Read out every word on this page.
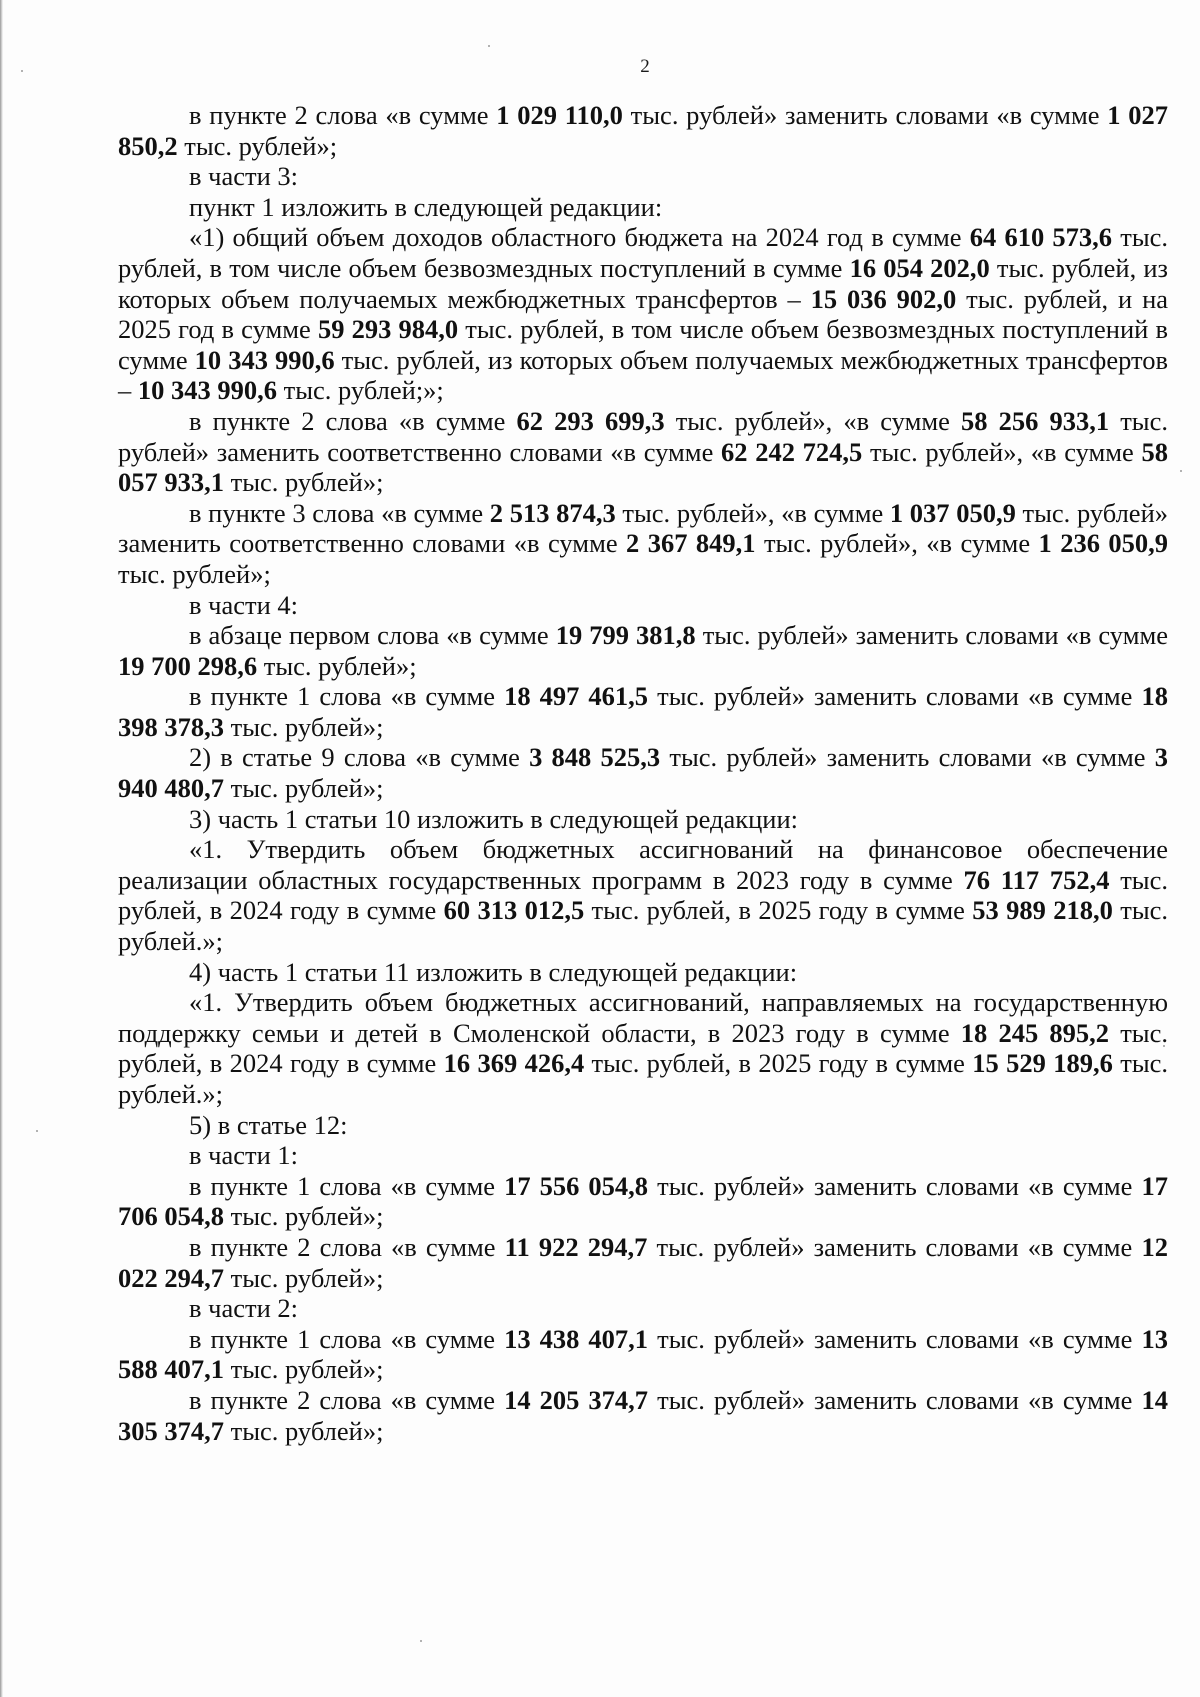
2

в пункте 2 слова «в сумме 1 029 110,0 тыс. рублей» заменить словами «в сумме 1 027 850,2 тыс. рублей»;

в части 3:

пункт 1 изложить в следующей редакции:

«1) общий объем доходов областного бюджета на 2024 год в сумме 64 610 573,6 тыс. рублей, в том числе объем безвозмездных поступлений в сумме 16 054 202,0 тыс. рублей, из которых объем получаемых межбюджетных трансфертов – 15 036 902,0 тыс. рублей, и на 2025 год в сумме 59 293 984,0 тыс. рублей, в том числе объем безвозмездных поступлений в сумме 10 343 990,6 тыс. рублей, из которых объем получаемых межбюджетных трансфертов – 10 343 990,6 тыс. рублей;»;

в пункте 2 слова «в сумме 62 293 699,3 тыс. рублей», «в сумме 58 256 933,1 тыс. рублей» заменить соответственно словами «в сумме 62 242 724,5 тыс. рублей», «в сумме 58 057 933,1 тыс. рублей»;

в пункте 3 слова «в сумме 2 513 874,3 тыс. рублей», «в сумме 1 037 050,9 тыс. рублей» заменить соответственно словами «в сумме 2 367 849,1 тыс. рублей», «в сумме 1 236 050,9 тыс. рублей»;

в части 4:

в абзаце первом слова «в сумме 19 799 381,8 тыс. рублей» заменить словами «в сумме 19 700 298,6 тыс. рублей»;

в пункте 1 слова «в сумме 18 497 461,5 тыс. рублей» заменить словами «в сумме 18 398 378,3 тыс. рублей»;

2) в статье 9 слова «в сумме 3 848 525,3 тыс. рублей» заменить словами «в сумме 3 940 480,7 тыс. рублей»;

3) часть 1 статьи 10 изложить в следующей редакции:

«1. Утвердить объем бюджетных ассигнований на финансовое обеспечение реализации областных государственных программ в 2023 году в сумме 76 117 752,4 тыс. рублей, в 2024 году в сумме 60 313 012,5 тыс. рублей, в 2025 году в сумме 53 989 218,0 тыс. рублей.»;

4) часть 1 статьи 11 изложить в следующей редакции:

«1. Утвердить объем бюджетных ассигнований, направляемых на государственную поддержку семьи и детей в Смоленской области, в 2023 году в сумме 18 245 895,2 тыс. рублей, в 2024 году в сумме 16 369 426,4 тыс. рублей, в 2025 году в сумме 15 529 189,6 тыс. рублей.»;

5) в статье 12:

в части 1:

в пункте 1 слова «в сумме 17 556 054,8 тыс. рублей» заменить словами «в сумме 17 706 054,8 тыс. рублей»;

в пункте 2 слова «в сумме 11 922 294,7 тыс. рублей» заменить словами «в сумме 12 022 294,7 тыс. рублей»;

в части 2:

в пункте 1 слова «в сумме 13 438 407,1 тыс. рублей» заменить словами «в сумме 13 588 407,1 тыс. рублей»;

в пункте 2 слова «в сумме 14 205 374,7 тыс. рублей» заменить словами «в сумме 14 305 374,7 тыс. рублей»;
